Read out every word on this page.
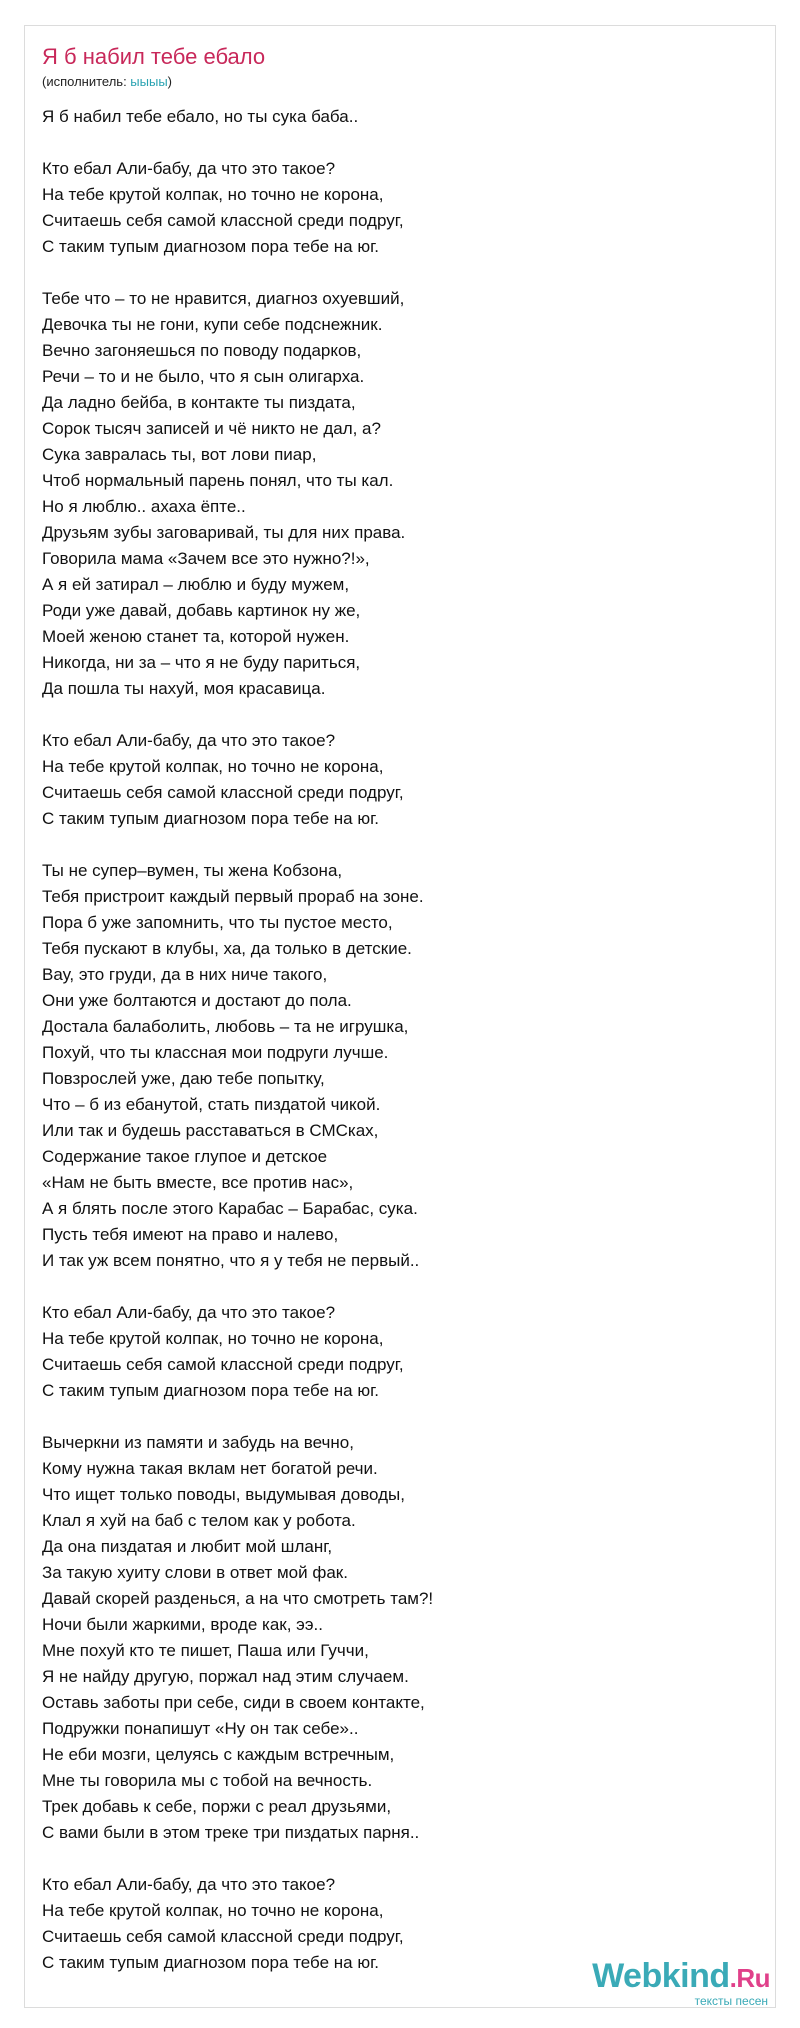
Я б набил тебе ебало
(исполнитель: ыыыы)
Я б набил тебе ебало, но ты сука баба..
Кто ебал Али-бабу, да что это такое?
На тебе крутой колпак, но точно не корона,
Считаешь себя самой классной среди подруг,
С таким тупым диагнозом пора тебе на юг.
Тебе что – то не нравится, диагноз охуевший,
Девочка ты не гони, купи себе подснежник.
Вечно загоняешься по поводу подарков,
Речи – то и не было, что я сын олигарха.
Да ладно бейба, в контакте ты пиздата,
Сорок тысяч записей и чё никто не дал, а?
Сука завралась ты, вот лови пиар,
Чтоб нормальный парень понял, что ты кал.
Но я люблю.. ахаха ёпте..
Друзьям зубы заговаривай, ты для них права.
Говорила мама «Зачем все это нужно?!»,
А я ей затирал – люблю и буду мужем,
Роди уже давай, добавь картинок ну же,
Моей женою станет та, которой нужен.
Никогда, ни за – что я не буду париться,
Да пошла ты нахуй, моя красавица.
Кто ебал Али-бабу, да что это такое?
На тебе крутой колпак, но точно не корона,
Считаешь себя самой классной среди подруг,
С таким тупым диагнозом пора тебе на юг.
Ты не супер–вумен, ты жена Кобзона,
Тебя пристроит каждый первый прораб на зоне.
Пора б уже запомнить, что ты пустое место,
Тебя пускают в клубы, ха, да только в детские.
Вау, это груди, да в них ниче такого,
Они уже болтаются и достают до пола.
Достала балаболить, любовь – та не игрушка,
Похуй, что ты классная мои подруги лучше.
Повзрослей уже, даю тебе попытку,
Что – б из ебанутой, стать пиздатой чикой.
Или так и будешь расставаться в СМСках,
Содержание такое глупое и детское
«Нам не быть вместе, все против нас»,
А я блять после этого Карабас – Барабас, сука.
Пусть тебя имеют на право и налево,
И так уж всем понятно, что я у тебя не первый..
Кто ебал Али-бабу, да что это такое?
На тебе крутой колпак, но точно не корона,
Считаешь себя самой классной среди подруг,
С таким тупым диагнозом пора тебе на юг.
Вычеркни из памяти и забудь на вечно,
Кому нужна такая вклам нет богатой речи.
Что ищет только поводы, выдумывая доводы,
Клал я хуй на баб с телом как у робота.
Да она пиздатая и любит мой шланг,
За такую хуиту слови в ответ мой фак.
Давай скорей разденься, а на что смотреть там?!
Ночи были жаркими, вроде как, ээ..
Мне похуй кто те пишет, Паша или Гуччи,
Я не найду другую, поржал над этим случаем.
Оставь заботы при себе, сиди в своем контакте,
Подружки понапишут «Ну он так себе»..
Не еби мозги, целуясь с каждым встречным,
Мне ты говорила мы с тобой на вечность.
Трек добавь к себе, поржи с реал друзьями,
С вами были в этом треке три пиздатых парня..
Кто ебал Али-бабу, да что это такое?
На тебе крутой колпак, но точно не корона,
Считаешь себя самой классной среди подруг,
С таким тупым диагнозом пора тебе на юг.	Webkind.Ru
тексты песен
